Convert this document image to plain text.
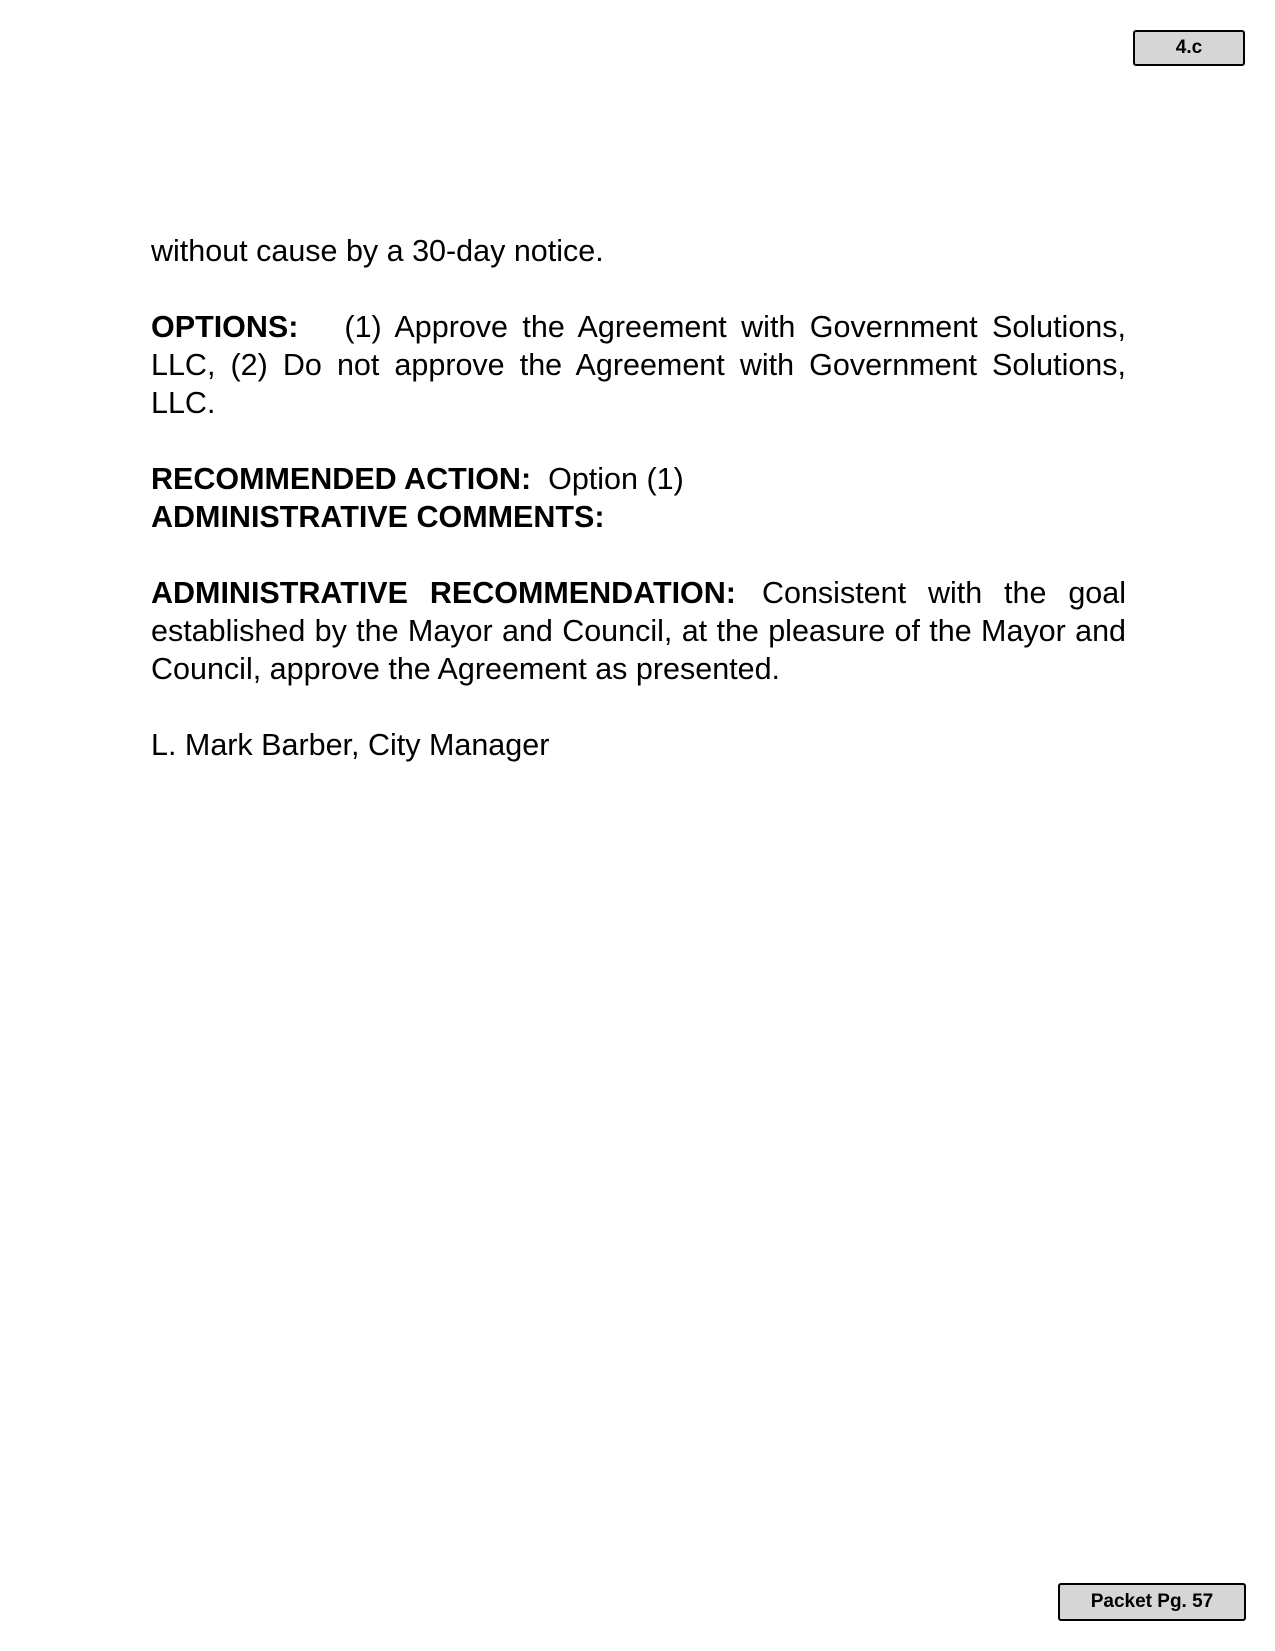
4.c

without cause by a 30-day notice.

OPTIONS: (1) Approve the Agreement with Government Solutions, LLC, (2) Do not approve the Agreement with Government Solutions, LLC.

RECOMMENDED ACTION: Option (1)

ADMINISTRATIVE COMMENTS:

ADMINISTRATIVE RECOMMENDATION: Consistent with the goal established by the Mayor and Council, at the pleasure of the Mayor and Council, approve the Agreement as presented.

L. Mark Barber, City Manager

Packet Pg. 57
